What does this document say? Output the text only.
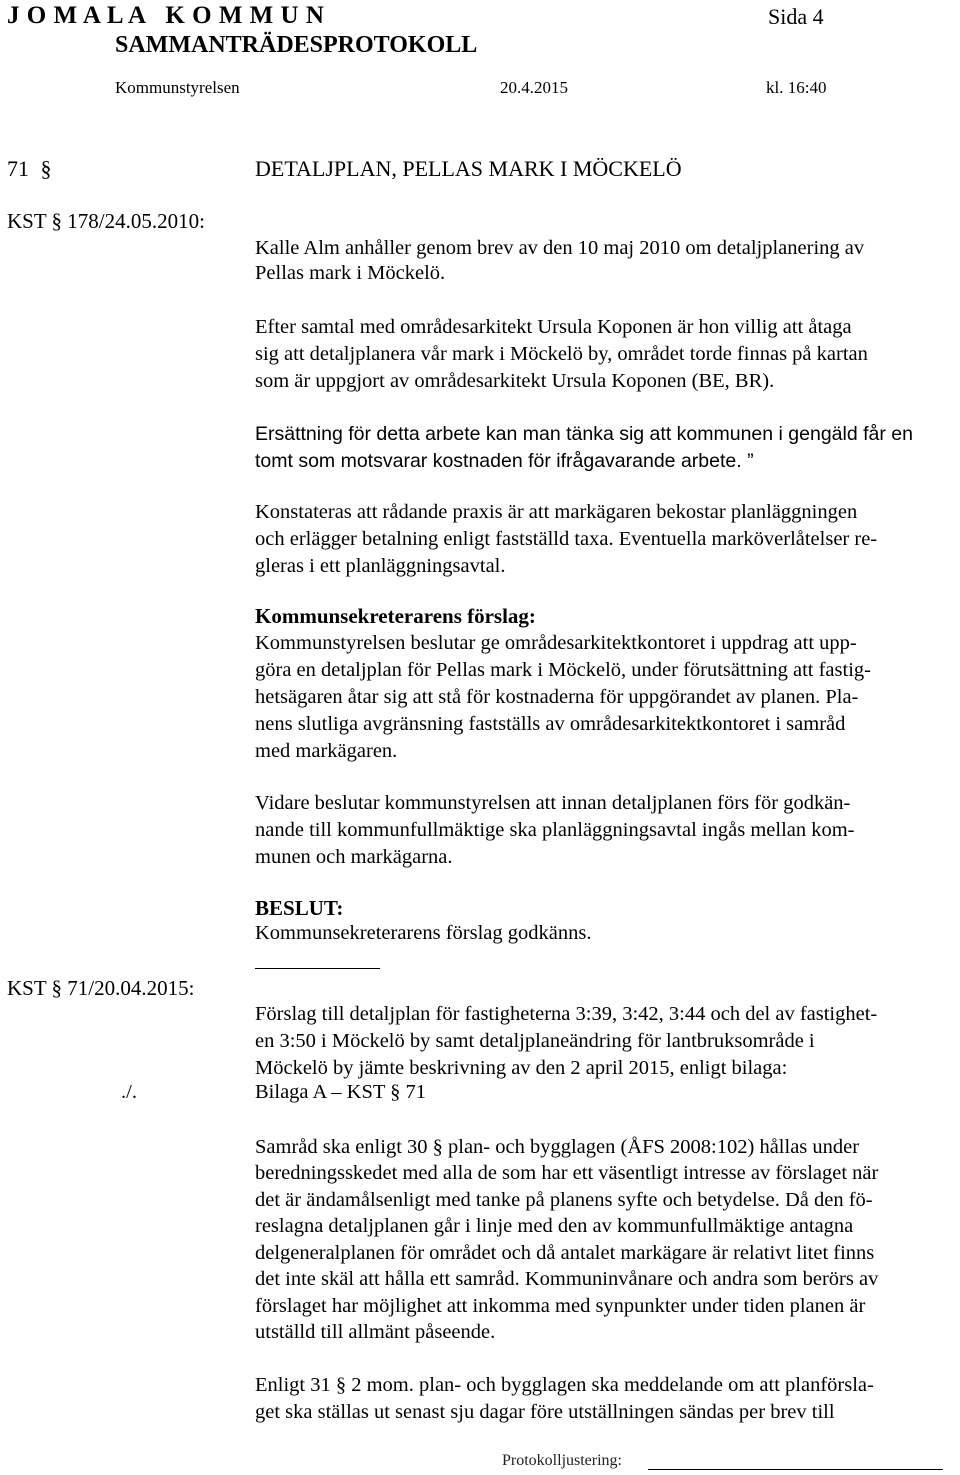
J O M A L A   K O M M U N	Sida 4
SAMMANTRÄDESPROTOKOLL
Kommunstyrelsen	20.4.2015	kl. 16:40
71 §	DETALJPLAN, PELLAS MARK I MÖCKELÖ
KST § 178/24.05.2010:
Kalle Alm anhåller genom brev av den 10 maj 2010 om detaljplanering av
Pellas mark i Möckelö.
Efter samtal med områdesarkitekt Ursula Koponen är hon villig att åtaga
sig att detaljplanera vår mark i Möckelö by, området torde finnas på kartan
som är uppgjort av områdesarkitekt Ursula Koponen (BE, BR).
Ersättning för detta arbete kan man tänka sig att kommunen i gengäld får en
tomt som motsvarar kostnaden för ifrågavarande arbete. ”
Konstateras att rådande praxis är att markägaren bekostar planläggningen
och erlägger betalning enligt fastställd taxa. Eventuella marköverlåtelser re-
gleras i ett planläggningsavtal.
Kommunsekreterarens förslag:
Kommunstyrelsen beslutar ge områdesarkitektkontoret i uppdrag att upp-
göra en detaljplan för Pellas mark i Möckelö, under förutsättning att fastig-
hetsägaren åtar sig att stå för kostnaderna för uppgörandet av planen. Pla-
nens slutliga avgränsning fastställs av områdesarkitektkontoret i samråd
med markägaren.
Vidare beslutar kommunstyrelsen att innan detaljplanen förs för godkän-
nande till kommunfullmäktige ska planläggningsavtal ingås mellan kom-
munen och markägarna.
BESLUT:
Kommunsekreterarens förslag godkänns.
KST § 71/20.04.2015:
Förslag till detaljplan för fastigheterna 3:39, 3:42, 3:44 och del av fastighet-
en 3:50 i Möckelö by samt detaljplaneändring för lantbruksområde i
Möckelö by jämte beskrivning av den 2 april 2015, enligt bilaga:
./.	Bilaga A – KST § 71
Samråd ska enligt 30 § plan- och bygglagen (ÅFS 2008:102) hållas under
beredningsskedet med alla de som har ett väsentligt intresse av förslaget när
det är ändamålsenligt med tanke på planens syfte och betydelse. Då den fö-
reslagna detaljplanen går i linje med den av kommunfullmäktige antagna
delgeneralplanen för området och då antalet markägare är relativt litet finns
det inte skäl att hålla ett samråd. Kommuninvånare och andra som berörs av
förslaget har möjlighet att inkomma med synpunkter under tiden planen är
utställd till allmänt påseende.
Enligt 31 § 2 mom. plan- och bygglagen ska meddelande om att planförsla-
get ska ställas ut senast sju dagar före utställningen sändas per brev till
Protokolljustering:
